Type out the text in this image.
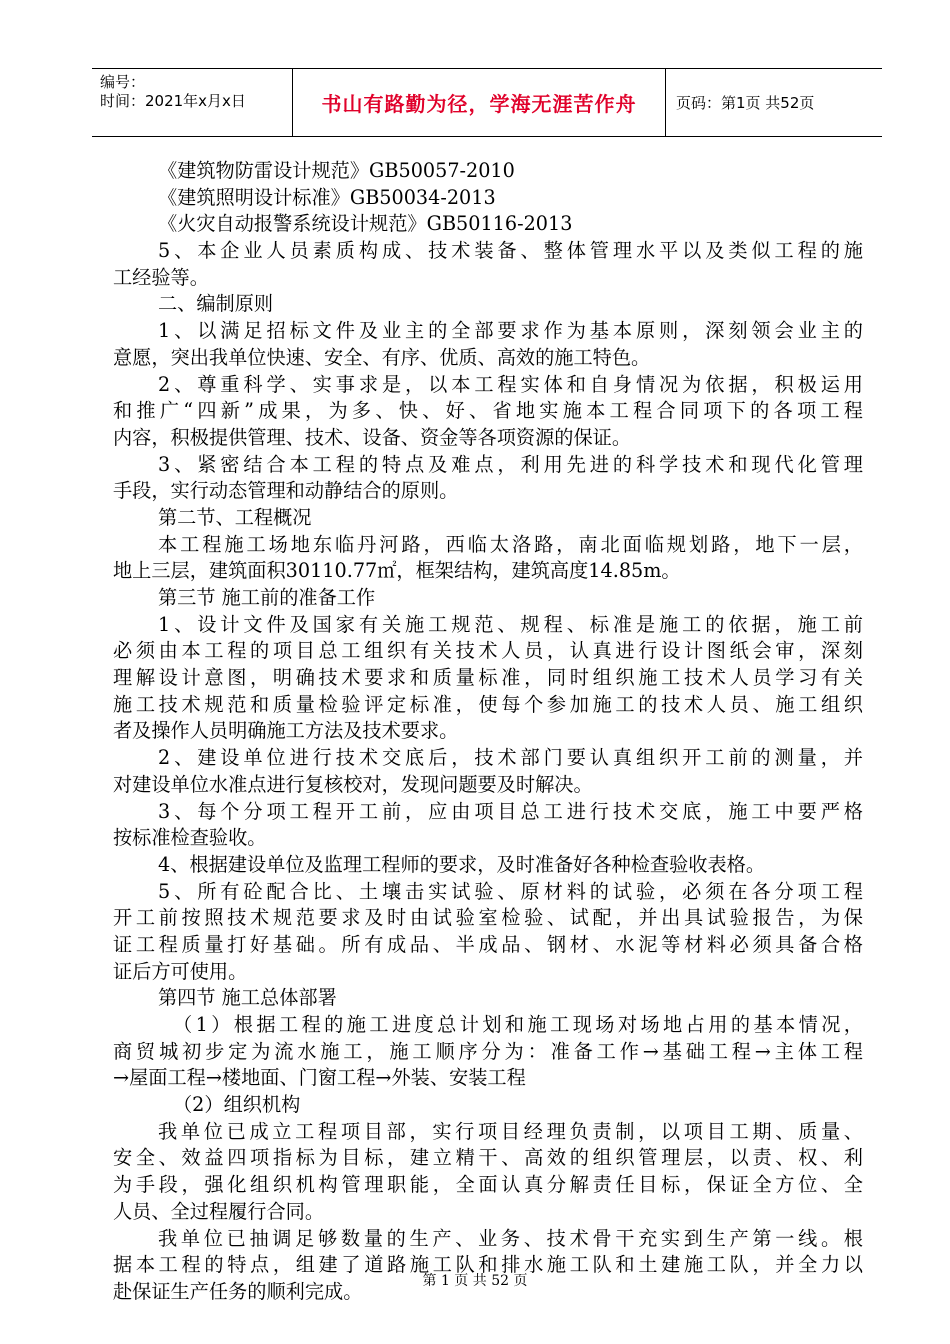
编号：
时间：2021年x月x日	书山有路勤为径，学海无涯苦作舟	页码：第1页 共52页
《建筑物防雷设计规范》GB50057-2010
《建筑照明设计标准》GB50034-2013
《火灾自动报警系统设计规范》GB50116-2013
5、本企业人员素质构成、技术装备、整体管理水平以及类似工程的施
工经验等。
二、编制原则
1、以满足招标文件及业主的全部要求作为基本原则，深刻领会业主的
意愿，突出我单位快速、安全、有序、优质、高效的施工特色。
2、尊重科学、实事求是，以本工程实体和自身情况为依据，积极运用
和推广“四新”成果，为多、快、好、省地实施本工程合同项下的各项工程
内容，积极提供管理、技术、设备、资金等各项资源的保证。
3、紧密结合本工程的特点及难点，利用先进的科学技术和现代化管理
手段，实行动态管理和动静结合的原则。
第二节、工程概况
本工程施工场地东临丹河路，西临太洛路，南北面临规划路，地下一层，
地上三层，建筑面积30110.77㎡，框架结构，建筑高度14.85m。
第三节 施工前的准备工作
1、设计文件及国家有关施工规范、规程、标准是施工的依据，施工前
必须由本工程的项目总工组织有关技术人员，认真进行设计图纸会审，深刻
理解设计意图，明确技术要求和质量标准，同时组织施工技术人员学习有关
施工技术规范和质量检验评定标准，使每个参加施工的技术人员、施工组织
者及操作人员明确施工方法及技术要求。
2、建设单位进行技术交底后，技术部门要认真组织开工前的测量，并
对建设单位水准点进行复核校对，发现问题要及时解决。
3、每个分项工程开工前，应由项目总工进行技术交底，施工中要严格
按标准检查验收。
4、根据建设单位及监理工程师的要求，及时准备好各种检查验收表格。
5、所有砼配合比、土壤击实试验、原材料的试验，必须在各分项工程
开工前按照技术规范要求及时由试验室检验、试配，并出具试验报告，为保
证工程质量打好基础。所有成品、半成品、钢材、水泥等材料必须具备合格
证后方可使用。
第四节 施工总体部署
（1）根据工程的施工进度总计划和施工现场对场地占用的基本情况，
商贸城初步定为流水施工，施工顺序分为：准备工作→基础工程→主体工程
→屋面工程→楼地面、门窗工程→外装、安装工程
（2）组织机构
我单位已成立工程项目部，实行项目经理负责制，以项目工期、质量、
安全、效益四项指标为目标，建立精干、高效的组织管理层，以责、权、利
为手段，强化组织机构管理职能，全面认真分解责任目标，保证全方位、全
人员、全过程履行合同。
我单位已抽调足够数量的生产、业务、技术骨干充实到生产第一线。根
据本工程的特点，组建了道路施工队和排水施工队和土建施工队，并全力以
赴保证生产任务的顺利完成。	第 1 页 共 52 页
